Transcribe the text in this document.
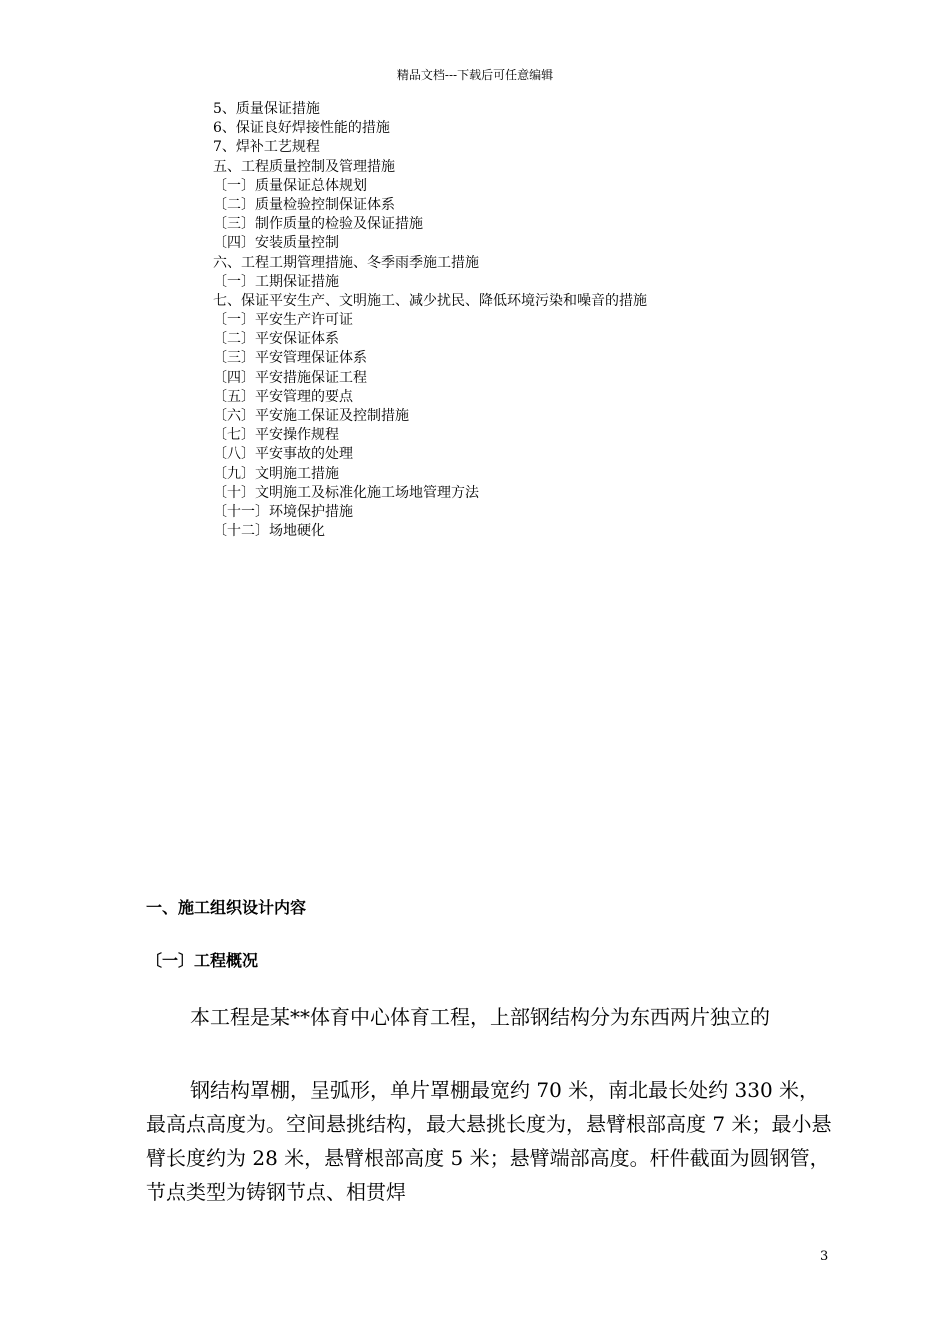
精品文档---下载后可任意编辑
5、质量保证措施
6、保证良好焊接性能的措施
7、焊补工艺规程
五、工程质量控制及管理措施
〔一〕质量保证总体规划
〔二〕质量检验控制保证体系
〔三〕制作质量的检验及保证措施
〔四〕安装质量控制
六、工程工期管理措施、冬季雨季施工措施
〔一〕工期保证措施
七、保证平安生产、文明施工、减少扰民、降低环境污染和噪音的措施
〔一〕平安生产许可证
〔二〕平安保证体系
〔三〕平安管理保证体系
〔四〕平安措施保证工程
〔五〕平安管理的要点
〔六〕平安施工保证及控制措施
〔七〕平安操作规程
〔八〕平安事故的处理
〔九〕文明施工措施
〔十〕文明施工及标准化施工场地管理方法
〔十一〕环境保护措施
〔十二〕场地硬化
一、施工组织设计内容
〔一〕工程概况

本工程是某**体育中心体育工程，上部钢结构分为东西两片独立的

钢结构罩棚，呈弧形，单片罩棚最宽约 70 米，南北最长处约 330 米，最高点高度为。空间悬挑结构，最大悬挑长度为，悬臂根部高度 7 米；最小悬臂长度约为 28 米，悬臂根部高度 5 米；悬臂端部高度。杆件截面为圆钢管，节点类型为铸钢节点、相贯焊

3
